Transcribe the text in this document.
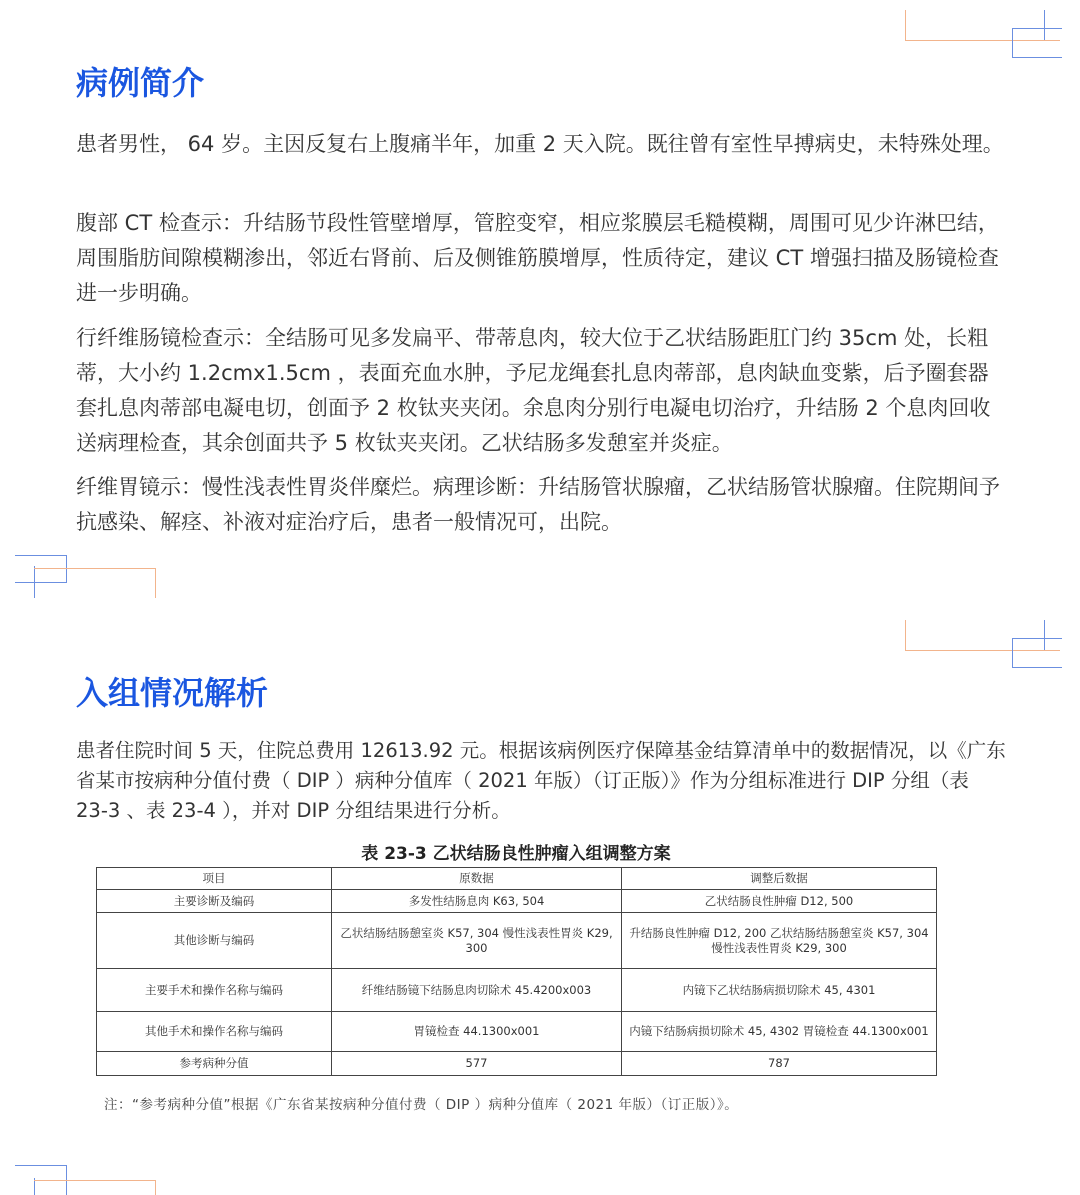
病例简介

患者男性， 64 岁。主因反复右上腹痛半年，加重 2 天入院。既往曾有室性早搏病史，未特殊处理。

腹部 CT 检查示：升结肠节段性管壁增厚，管腔变窄，相应浆膜层毛糙模糊，周围可见少许淋巴结，周围脂肪间隙模糊渗出，邻近右肾前、后及侧锥筋膜增厚，性质待定，建议 CT 增强扫描及肠镜检查进一步明确。

行纤维肠镜检查示：全结肠可见多发扁平、带蒂息肉，较大位于乙状结肠距肛门约 35cm 处，长粗蒂，大小约 1.2cmx1.5cm ，表面充血水肿，予尼龙绳套扎息肉蒂部，息肉缺血变紫，后予圈套器套扎息肉蒂部电凝电切，创面予 2 枚钛夹夹闭。余息肉分别行电凝电切治疗，升结肠 2 个息肉回收送病理检查，其余创面共予 5 枚钛夹夹闭。乙状结肠多发憩室并炎症。

纤维胃镜示：慢性浅表性胃炎伴糜烂。病理诊断：升结肠管状腺瘤，乙状结肠管状腺瘤。住院期间予抗感染、解痉、补液对症治疗后，患者一般情况可，出院。

入组情况解析

患者住院时间 5 天，住院总费用 12613.92 元。根据该病例医疗保障基金结算清单中的数据情况，以《广东省某市按病种分值付费（ DIP ）病种分值库（ 2021 年版）（订正版）》作为分组标准进行 DIP 分组（表 23-3 、表 23-4 ），并对 DIP 分组结果进行分析。

表 23-3 乙状结肠良性肿瘤入组调整方案

项目	原数据	调整后数据
主要诊断及编码	多发性结肠息肉 K63, 504	乙状结肠良性肿瘤 D12, 500
其他诊断与编码	乙状结肠结肠憩室炎 K57, 304 慢性浅表性胃炎 K29, 300	升结肠良性肿瘤 D12, 200 乙状结肠结肠憩室炎 K57, 304 慢性浅表性胃炎 K29, 300
主要手术和操作名称与编码	纤维结肠镜下结肠息肉切除术 45.4200x003	内镜下乙状结肠病损切除术 45, 4301
其他手术和操作名称与编码	胃镜检查 44.1300x001	内镜下结肠病损切除术 45, 4302 胃镜检查 44.1300x001
参考病种分值	577	787

注：“参考病种分值”根据《广东省某按病种分值付费（ DIP ）病种分值库（ 2021 年版）（订正版）》。
